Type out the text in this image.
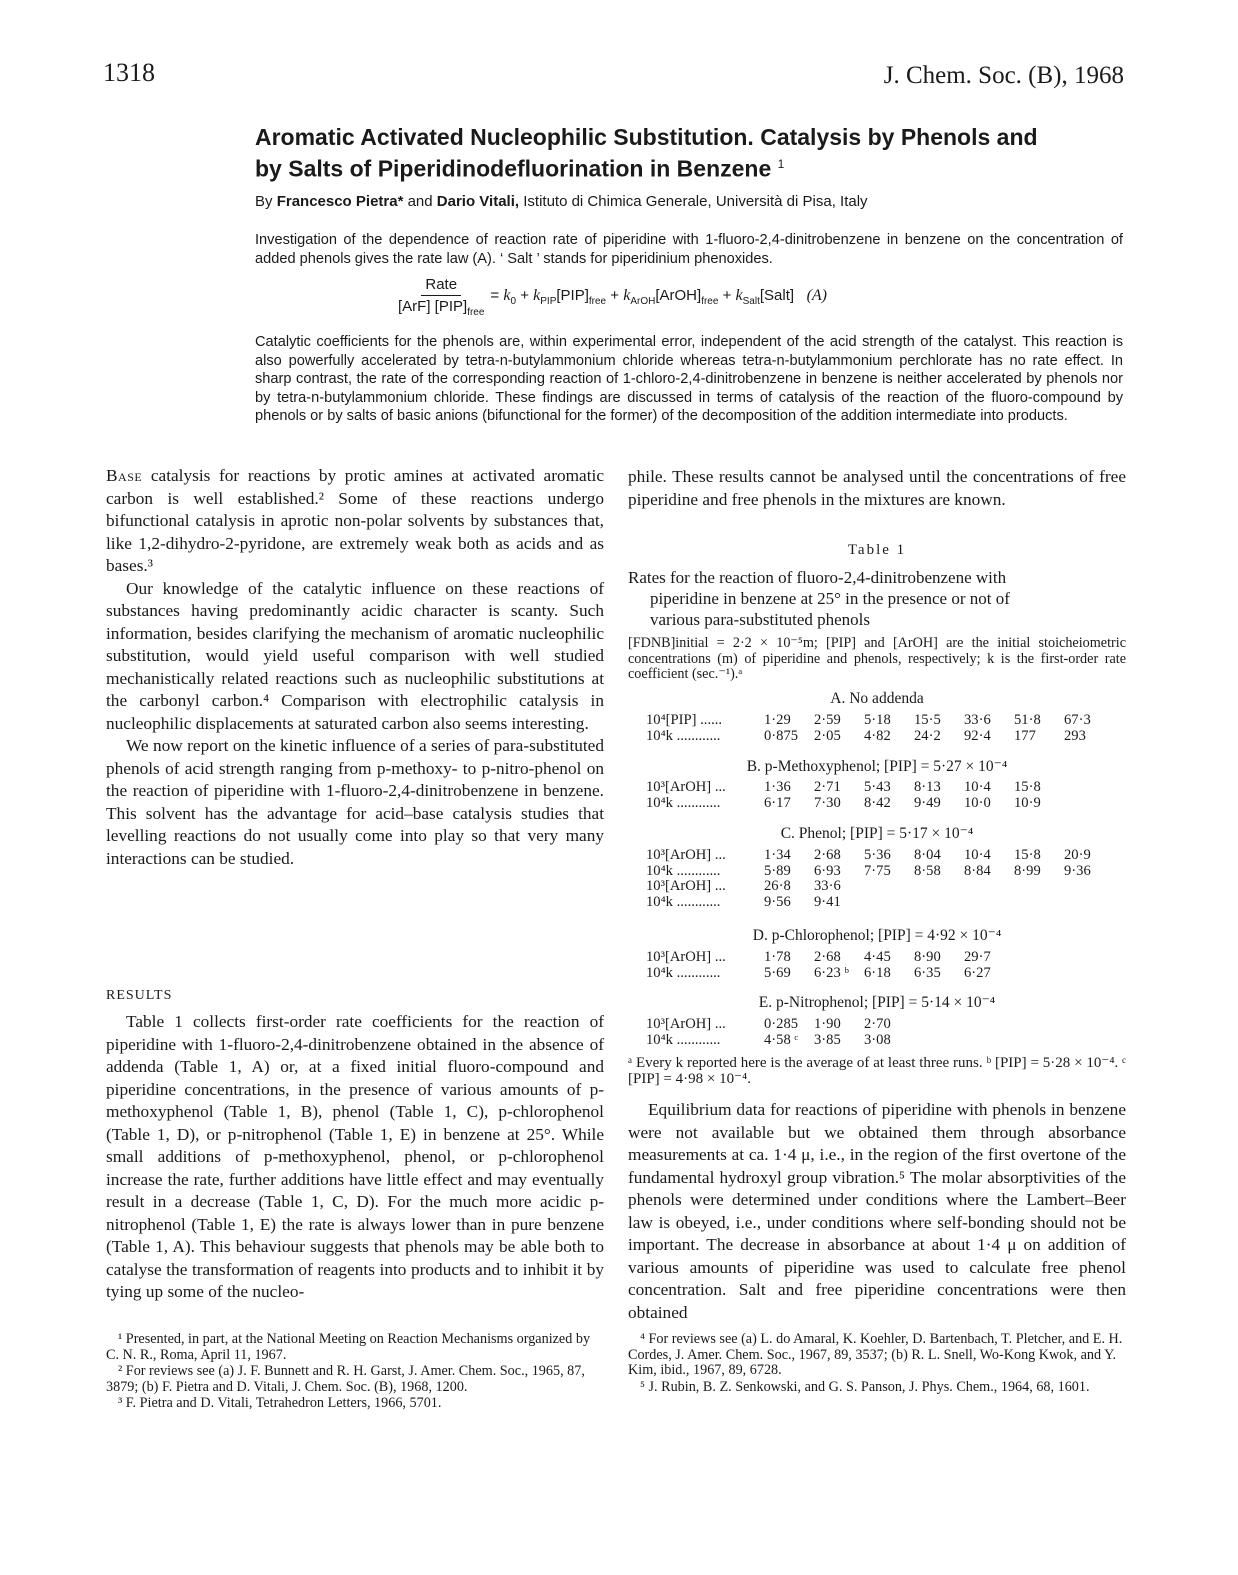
1318	J. Chem. Soc. (B), 1968
Aromatic Activated Nucleophilic Substitution. Catalysis by Phenols and
by Salts of Piperidinodefluorination in Benzene $^1$
By Francesco Pietra* and Dario Vitali, Istituto di Chimica Generale, Università di Pisa, Italy
Investigation of the dependence of reaction rate of piperidine with 1-fluoro-2,4-dinitrobenzene in benzene on the concentration of added phenols gives the rate law (A). ‘ Salt ’ stands for piperidinium phenoxides.
$\frac{\text{Rate}}{[ArF] [PIP]_{free}} = k_0 + k_{PIP}[PIP]_{free}$ + $k_{ArOH}[ArOH]_{free}$ + $k_{Salt}[Salt]$ (A)
Catalytic coefficients for the phenols are, within experimental error, independent of the acid strength of the catalyst. This reaction is also powerfully accelerated by tetra-n-butylammonium chloride whereas tetra-n-butylammonium perchlorate has no rate effect. In sharp contrast, the rate of the corresponding reaction of 1-chloro-2,4-dinitrobenzene in benzene is neither accelerated by phenols nor by tetra-n-butylammonium chloride. These findings are discussed in terms of catalysis of the reaction of the fluoro-compound by phenols or by salts of basic anions (bifunctional for the former) of the decomposition of the addition intermediate into products.

Base catalysis for reactions by protic amines at activated aromatic carbon is well established.² Some of these reactions undergo bifunctional catalysis in aprotic non-polar solvents by substances that, like 1,2-dihydro-2-pyridone, are extremely weak both as acids and as bases.³

Our knowledge of the catalytic influence on these reactions of substances having predominantly acidic character is scanty. Such information, besides clarifying the mechanism of aromatic nucleophilic substitution, would yield useful comparison with well studied mechanistically related reactions such as nucleophilic substitutions at the carbonyl carbon.⁴ Comparison with electrophilic catalysis in nucleophilic displacements at saturated carbon also seems interesting.

We now report on the kinetic influence of a series of para-substituted phenols of acid strength ranging from p-methoxy- to p-nitro-phenol on the reaction of piperidine with 1-fluoro-2,4-dinitrobenzene in benzene. This solvent has the advantage for acid–base catalysis studies that levelling reactions do not usually come into play so that very many interactions can be studied.

RESULTS

Table 1 collects first-order rate coefficients for the reaction of piperidine with 1-fluoro-2,4-dinitrobenzene obtained in the absence of addenda (Table 1, A) or, at a fixed initial fluoro-compound and piperidine concentrations, in the presence of various amounts of p-methoxyphenol (Table 1, B), phenol (Table 1, C), p-chlorophenol (Table 1, D), or p-nitrophenol (Table 1, E) in benzene at 25°. While small additions of p-methoxyphenol, phenol, or p-chlorophenol increase the rate, further additions have little effect and may eventually result in a decrease (Table 1, C, D). For the much more acidic p-nitrophenol (Table 1, E) the rate is always lower than in pure benzene (Table 1, A). This behaviour suggests that phenols may be able both to catalyse the transformation of reagents into products and to inhibit it by tying up some of the nucleo-

¹ Presented, in part, at the National Meeting on Reaction Mechanisms organized by C. N. R., Roma, April 11, 1967.

² For reviews see (a) J. F. Bunnett and R. H. Garst, J. Amer. Chem. Soc., 1965, 87, 3879; (b) F. Pietra and D. Vitali, J. Chem. Soc. (B), 1968, 1200.

³ F. Pietra and D. Vitali, Tetrahedron Letters, 1966, 5701.

phile. These results cannot be analysed until the concentrations of free piperidine and free phenols in the mixtures are known.

Table 1
Rates for the reaction of fluoro-2,4-dinitrobenzene with
piperidine in benzene at 25° in the presence or not of
various para-substituted phenols
[FDNB]initial = 2·2 × 10⁻⁵m; [PIP] and [ArOH] are the initial stoicheiometric concentrations (m) of piperidine and phenols, respectively; k is the first-order rate coefficient (sec.⁻¹).ᵃ
A. No addenda
10⁴[PIP] ......	1·29	2·59	5·18	15·5	33·6	51·8	67·3
10⁴k ............	0·875	2·05	4·82	24·2	92·4	177	293
B. p-Methoxyphenol; [PIP] = 5·27 × 10⁻⁴
10³[ArOH] ...	1·36	2·71	5·43	8·13	10·4	15·8
10⁴k ............	6·17	7·30	8·42	9·49	10·0	10·9
C. Phenol; [PIP] = 5·17 × 10⁻⁴
10³[ArOH] ...	1·34	2·68	5·36	8·04	10·4	15·8	20·9
10⁴k ............	5·89	6·93	7·75	8·58	8·84	8·99	9·36
10³[ArOH] ...	26·8	33·6					
10⁴k ............	9·56	9·41					
D. p-Chlorophenol; [PIP] = 4·92 × 10⁻⁴
10³[ArOH] ...	1·78	2·68	4·45	8·90	29·7
10⁴k ............	5·69	6·23 ᵇ	6·18	6·35	6·27
E. p-Nitrophenol; [PIP] = 5·14 × 10⁻⁴
10³[ArOH] ...	0·285	1·90	2·70
10⁴k ............	4·58 ᶜ	3·85	3·08
ᵃ Every k reported here is the average of at least three runs. ᵇ [PIP] = 5·28 × 10⁻⁴. ᶜ [PIP] = 4·98 × 10⁻⁴.

Equilibrium data for reactions of piperidine with phenols in benzene were not available but we obtained them through absorbance measurements at ca. 1·4 μ, i.e., in the region of the first overtone of the fundamental hydroxyl group vibration.⁵ The molar absorptivities of the phenols were determined under conditions where the Lambert–Beer law is obeyed, i.e., under conditions where self-bonding should not be important. The decrease in absorbance at about 1·4 μ on addition of various amounts of piperidine was used to calculate free phenol concentration. Salt and free piperidine concentrations were then obtained

⁴ For reviews see (a) L. do Amaral, K. Koehler, D. Bartenbach, T. Pletcher, and E. H. Cordes, J. Amer. Chem. Soc., 1967, 89, 3537; (b) R. L. Snell, Wo-Kong Kwok, and Y. Kim, ibid., 1967, 89, 6728.

⁵ J. Rubin, B. Z. Senkowski, and G. S. Panson, J. Phys. Chem., 1964, 68, 1601.
